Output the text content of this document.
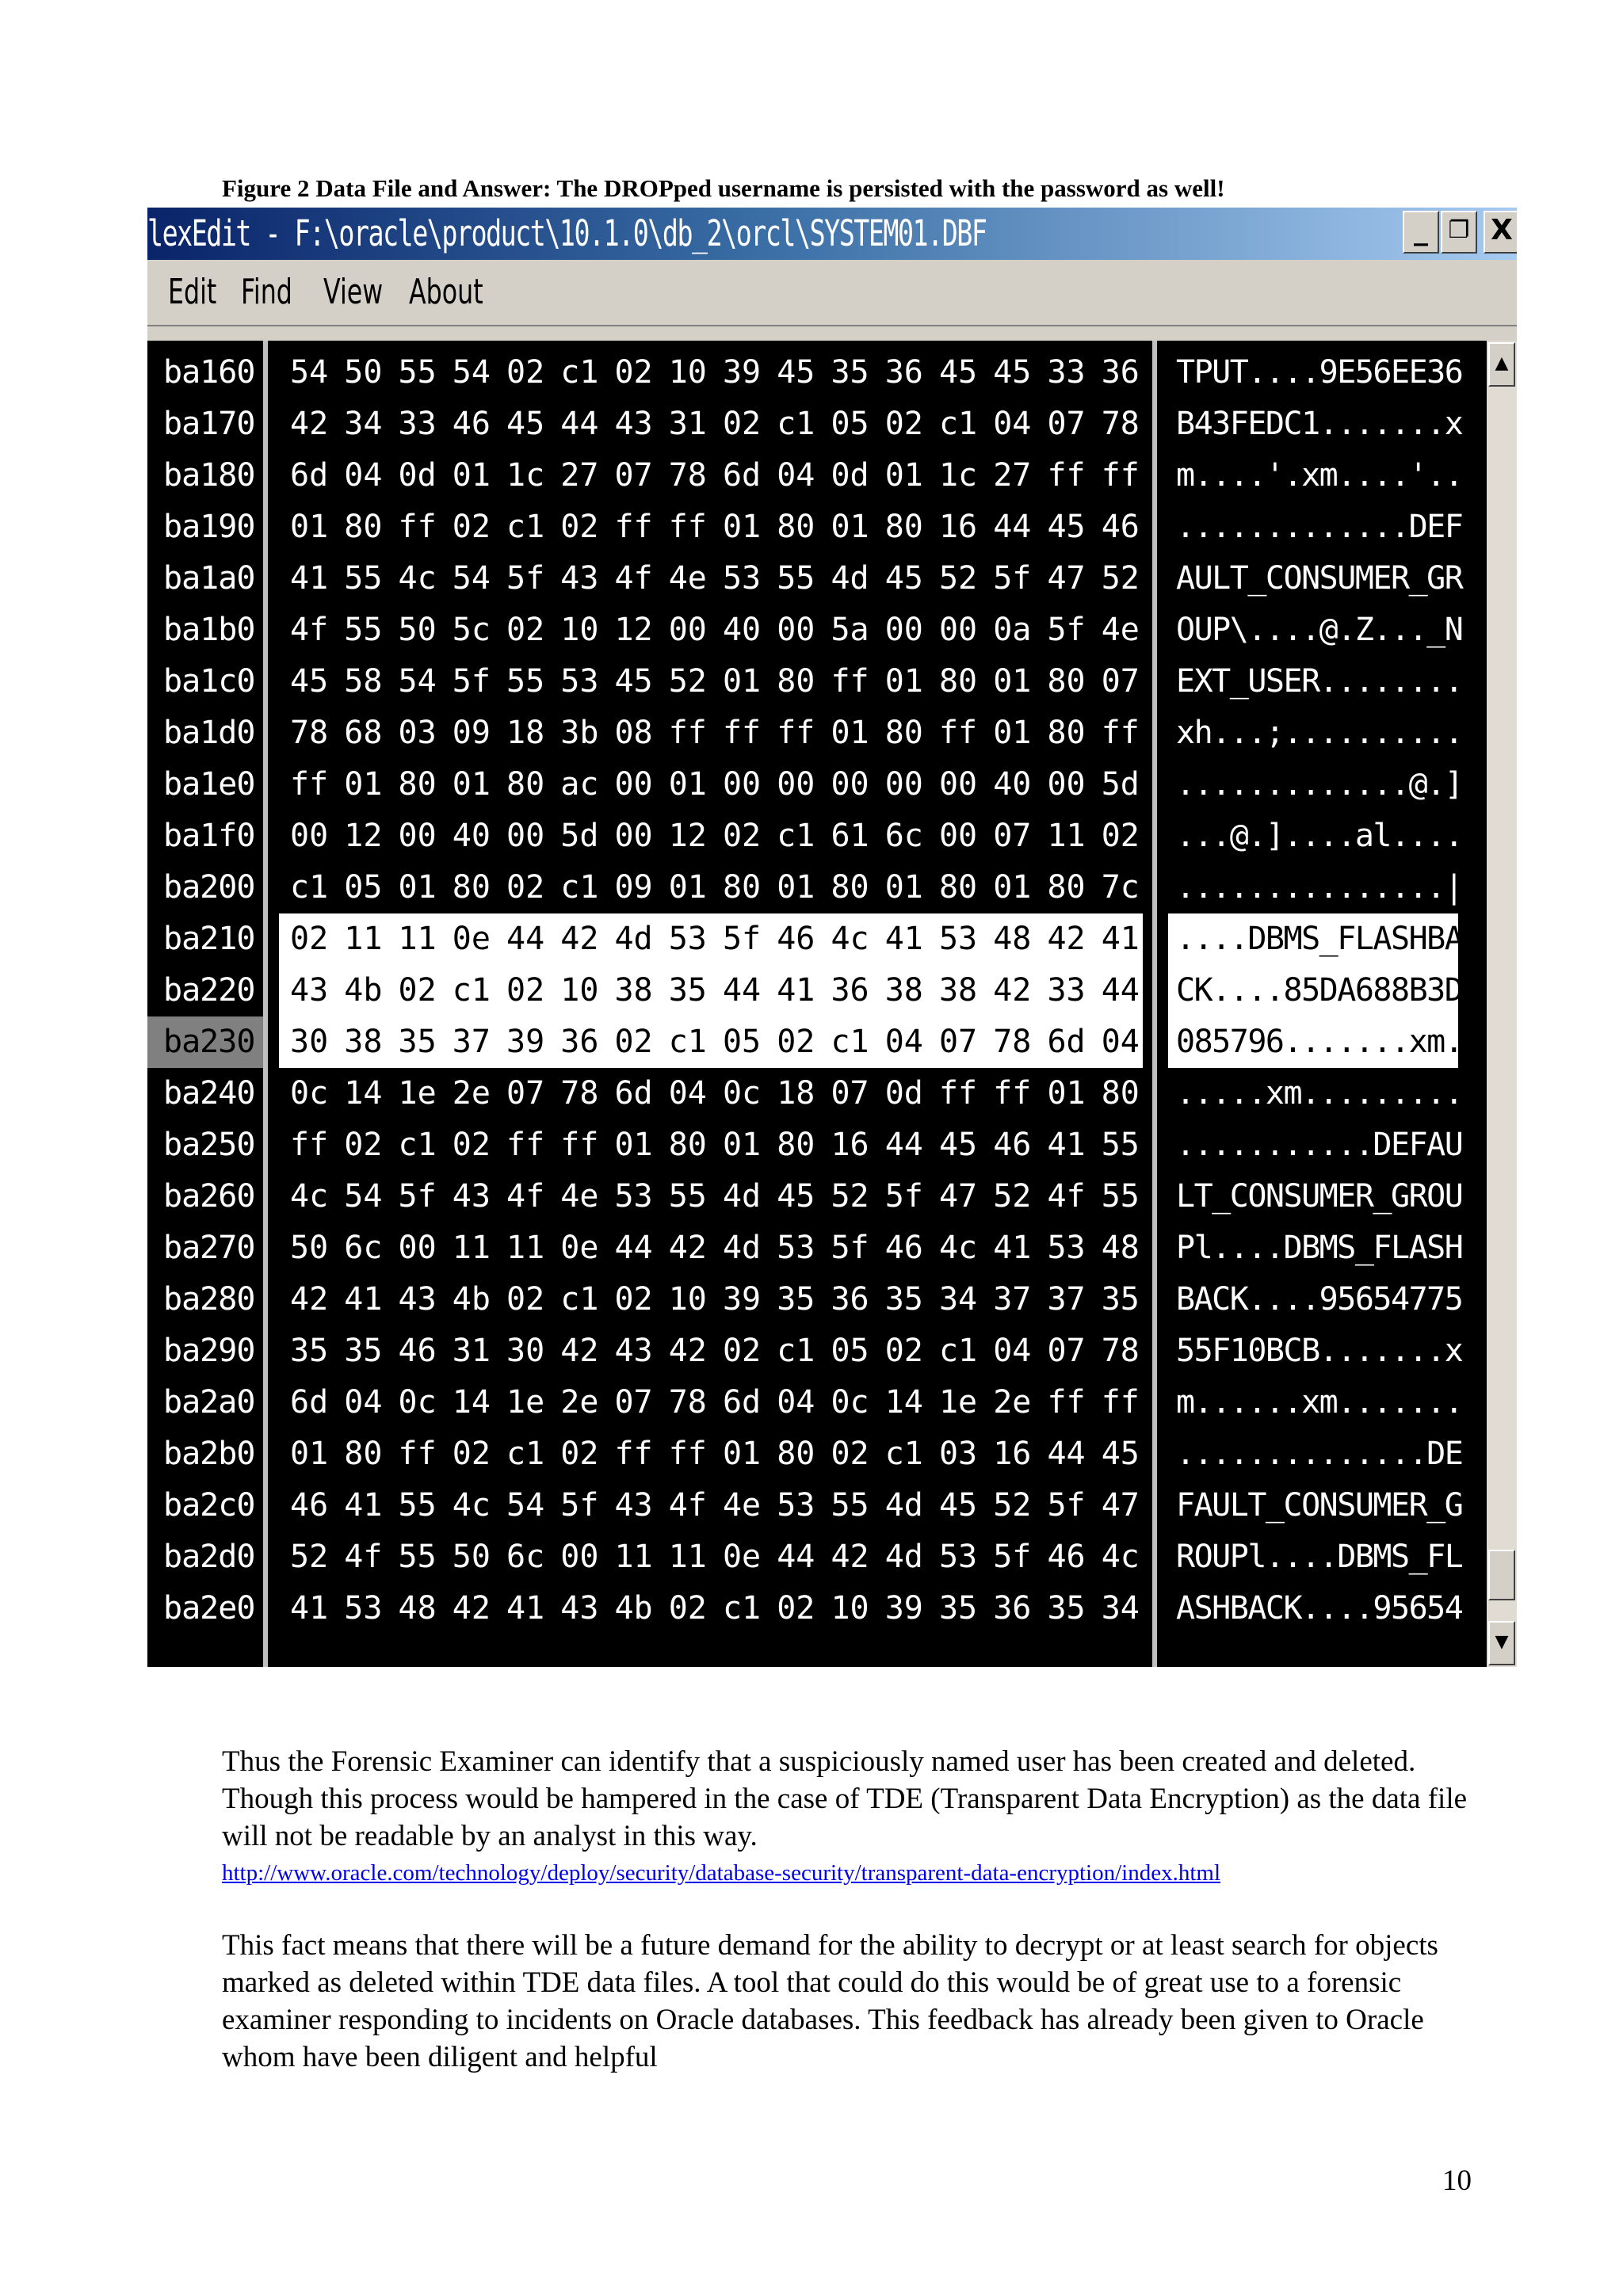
Figure 2 Data File and Answer: The DROPped username is persisted with the password as well!
lexEdit - F:\oracle\product\10.1.0\db_2\orcl\SYSTEM01.DBF	_ ❐ X
Edit Find View About
ba160
ba170
ba180
ba190
ba1a0
ba1b0
ba1c0
ba1d0
ba1e0
ba1f0
ba200
ba210
ba220
ba230
ba240
ba250
ba260
ba270
ba280
ba290
ba2a0
ba2b0
ba2c0
ba2d0
ba2e0
54 50 55 54 02 c1 02 10 39 45 35 36 45 45 33 36
42 34 33 46 45 44 43 31 02 c1 05 02 c1 04 07 78
6d 04 0d 01 1c 27 07 78 6d 04 0d 01 1c 27 ff ff
01 80 ff 02 c1 02 ff ff 01 80 01 80 16 44 45 46
41 55 4c 54 5f 43 4f 4e 53 55 4d 45 52 5f 47 52
4f 55 50 5c 02 10 12 00 40 00 5a 00 00 0a 5f 4e
45 58 54 5f 55 53 45 52 01 80 ff 01 80 01 80 07
78 68 03 09 18 3b 08 ff ff ff 01 80 ff 01 80 ff
ff 01 80 01 80 ac 00 01 00 00 00 00 00 40 00 5d
00 12 00 40 00 5d 00 12 02 c1 61 6c 00 07 11 02
c1 05 01 80 02 c1 09 01 80 01 80 01 80 01 80 7c
02 11 11 0e 44 42 4d 53 5f 46 4c 41 53 48 42 41
43 4b 02 c1 02 10 38 35 44 41 36 38 38 42 33 44
30 38 35 37 39 36 02 c1 05 02 c1 04 07 78 6d 04
0c 14 1e 2e 07 78 6d 04 0c 18 07 0d ff ff 01 80
ff 02 c1 02 ff ff 01 80 01 80 16 44 45 46 41 55
4c 54 5f 43 4f 4e 53 55 4d 45 52 5f 47 52 4f 55
50 6c 00 11 11 0e 44 42 4d 53 5f 46 4c 41 53 48
42 41 43 4b 02 c1 02 10 39 35 36 35 34 37 37 35
35 35 46 31 30 42 43 42 02 c1 05 02 c1 04 07 78
6d 04 0c 14 1e 2e 07 78 6d 04 0c 14 1e 2e ff ff
01 80 ff 02 c1 02 ff ff 01 80 02 c1 03 16 44 45
46 41 55 4c 54 5f 43 4f 4e 53 55 4d 45 52 5f 47
52 4f 55 50 6c 00 11 11 0e 44 42 4d 53 5f 46 4c
41 53 48 42 41 43 4b 02 c1 02 10 39 35 36 35 34
TPUT....9E56EE36
B43FEDC1.......x
m....'.xm....'..
.............DEF
AULT_CONSUMER_GR
OUP\....@.Z..._N
EXT_USER........
xh...;..........
.............@.]
...@.]....al....
...............|
....DBMS_FLASHBA
CK....85DA688B3D
085796.......xm.
.....xm.........
...........DEFAU
LT_CONSUMER_GROU
Pl....DBMS_FLASH
BACK....95654775
55F10BCB.......x
m......xm.......
..............DE
FAULT_CONSUMER_G
ROUPl....DBMS_FL
ASHBACK....95654
▲
▼
Thus the Forensic Examiner can identify that a suspiciously named user has been created and deleted. Though this process would be hampered in the case of TDE (Transparent Data Encryption) as the data file will not be readable by an analyst in this way.
http://www.oracle.com/technology/deploy/security/database-security/transparent-data-encryption/index.html
This fact means that there will be a future demand for the ability to decrypt or at least search for objects marked as deleted within TDE data files. A tool that could do this would be of great use to a forensic examiner responding to incidents on Oracle databases. This feedback has already been given to Oracle whom have been diligent and helpful
10
